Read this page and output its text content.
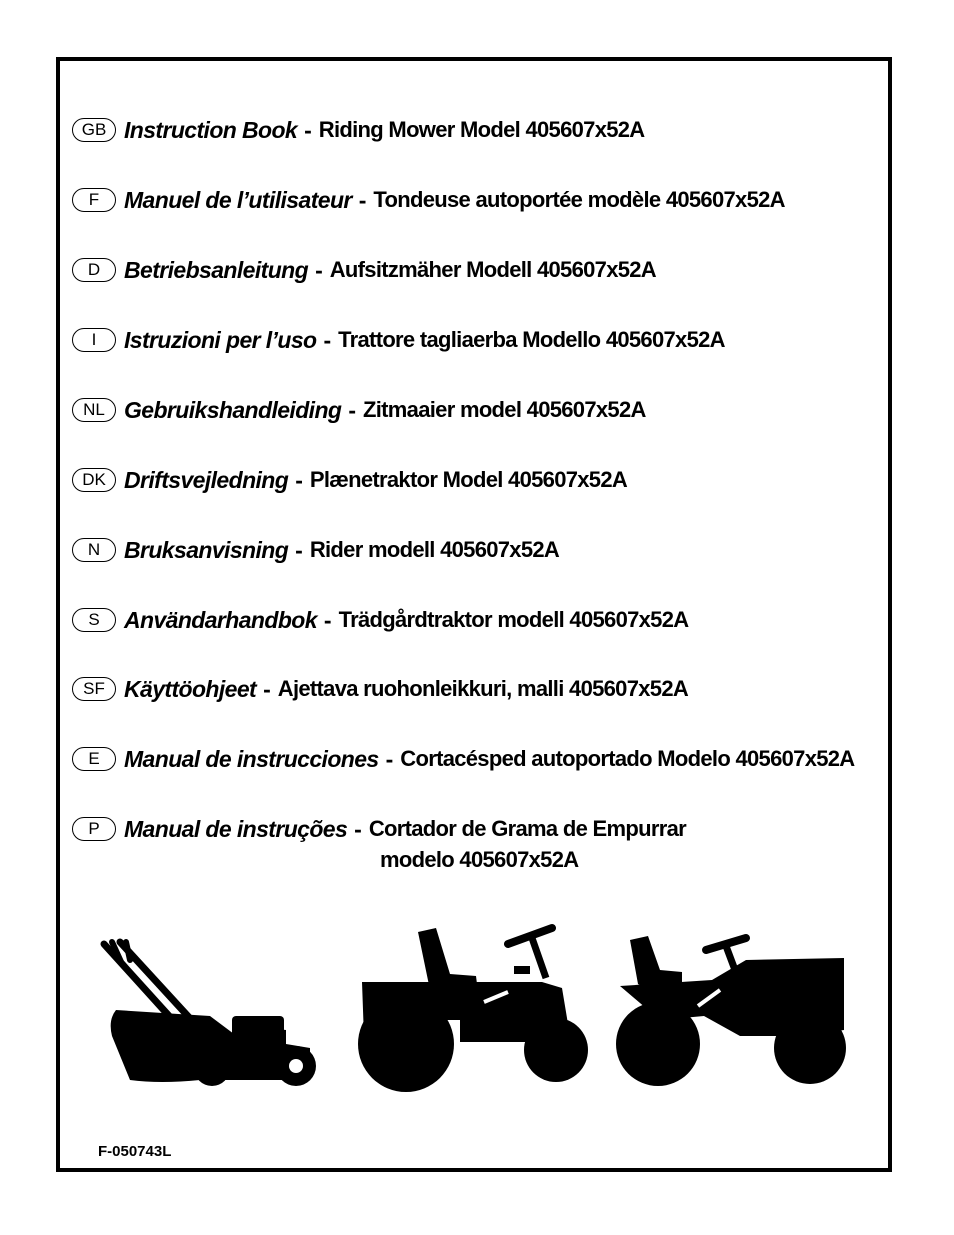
GB Instruction Book - Riding Mower Model 405607x52A
F	Manuel de l’utilisateur - Tondeuse autoportée modèle 405607x52A
D	Betriebsanleitung - Aufsitzmäher Modell 405607x52A
I	Istruzioni per l’uso - Trattore tagliaerba Modello 405607x52A
NL Gebruikshandleiding - Zitmaaier model 405607x52A
DK Driftsvejledning - Plænetraktor Model 405607x52A
N	Bruksanvisning - Rider modell 405607x52A
S	Användarhandbok - Trädgårdtraktor modell 405607x52A
SF Käyttöohjeet - Ajettava ruohonleikkuri, malli 405607x52A
E	Manual de instrucciones - Cortacésped autoportado Modelo 405607x52A
P	Manual de instruções - Cortador de Grama de Empurrar
modelo 405607x52A
F-050743L
